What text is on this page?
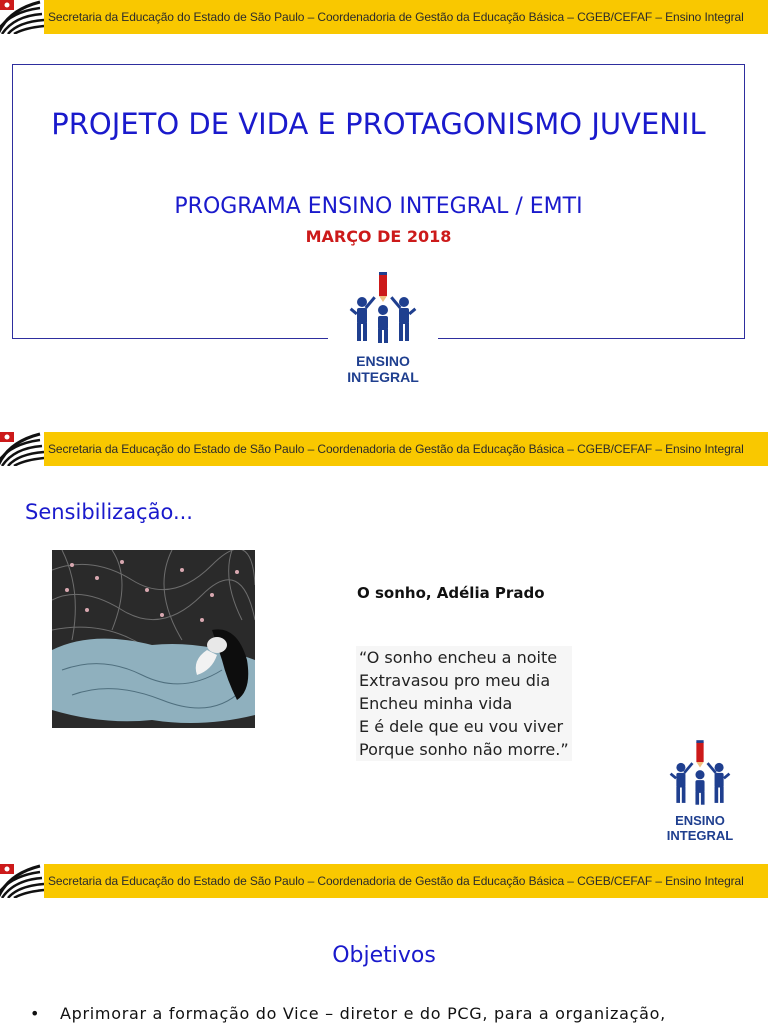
Secretaria da Educação do Estado de São Paulo – Coordenadoria de Gestão da Educação Básica – CGEB/CEFAF – Ensino Integral
PROJETO DE VIDA E PROTAGONISMO JUVENIL
PROGRAMA ENSINO INTEGRAL / EMTI
MARÇO DE 2018
ENSINO
INTEGRAL
Secretaria da Educação do Estado de São Paulo – Coordenadoria de Gestão da Educação Básica – CGEB/CEFAF – Ensino Integral
Sensibilização...
O sonho, Adélia Prado
“O sonho encheu a noite
Extravasou pro meu dia
Encheu minha vida
E é dele que eu vou viver
Porque sonho não morre.”
ENSINO
INTEGRAL
Secretaria da Educação do Estado de São Paulo – Coordenadoria de Gestão da Educação Básica – CGEB/CEFAF – Ensino Integral
Objetivos
• Aprimorar a formação do Vice – diretor e do PCG, para a organização,
